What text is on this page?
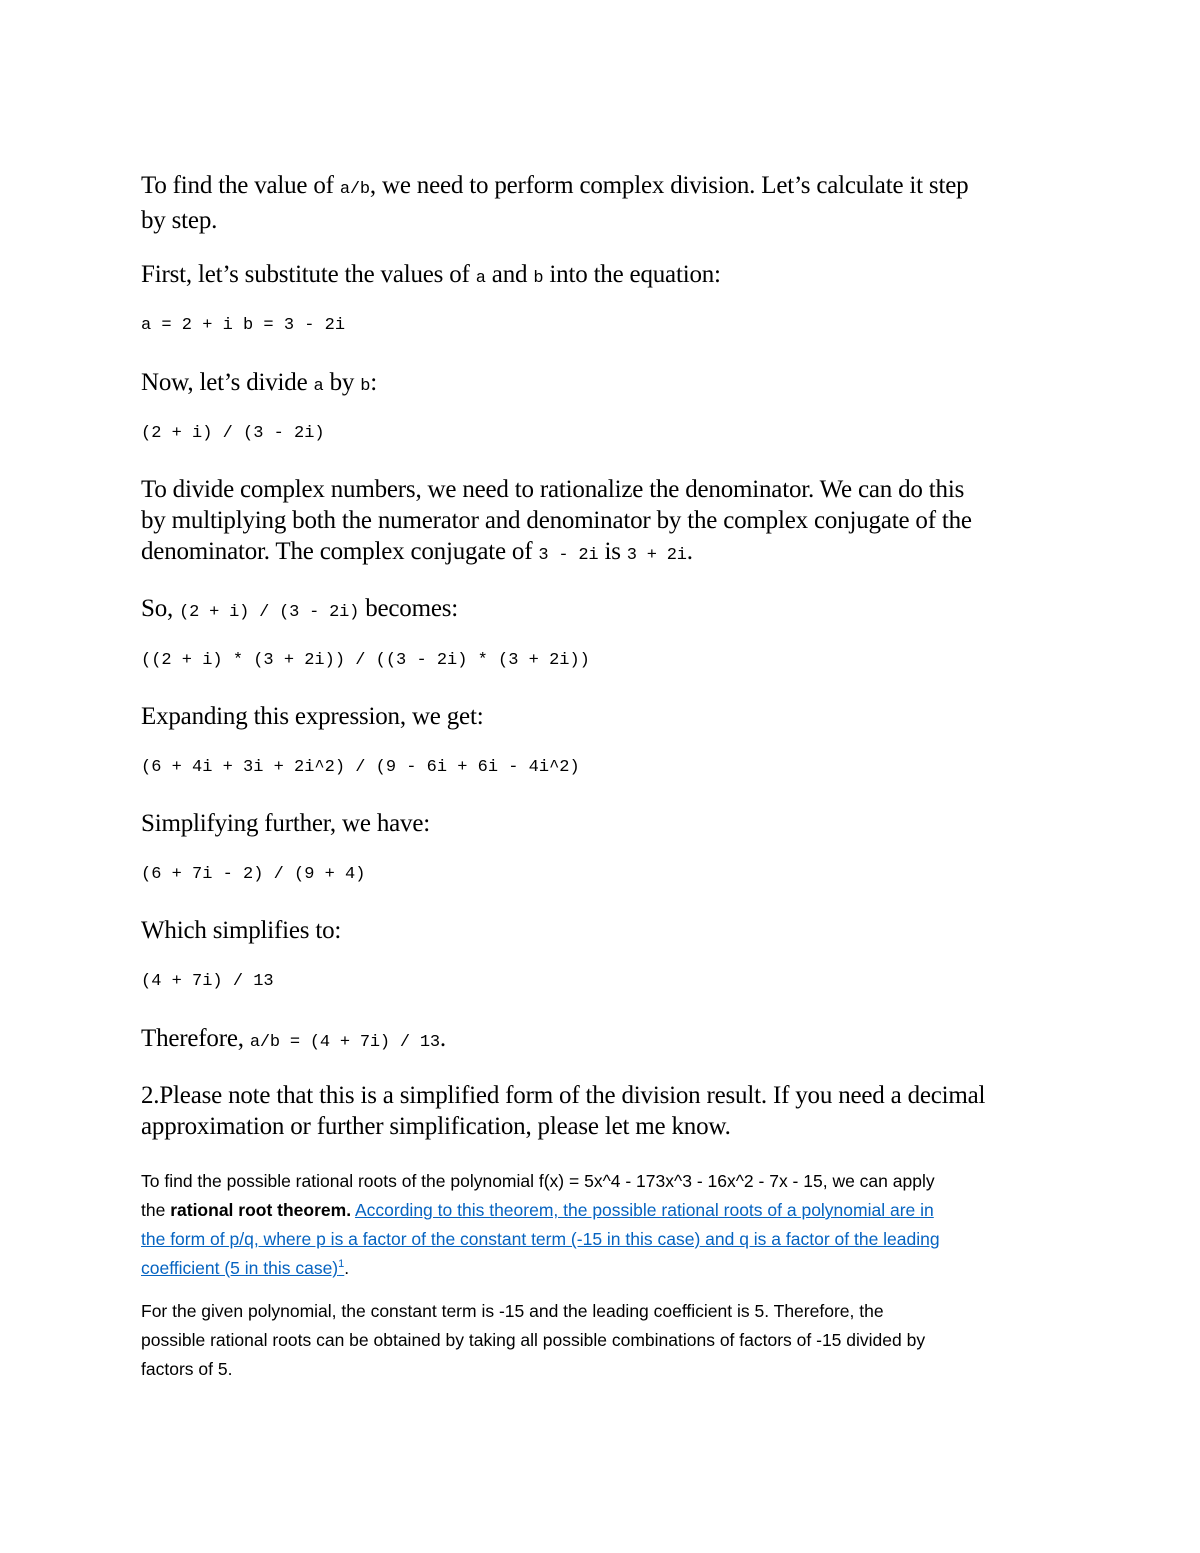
To find the value of a/b, we need to perform complex division. Let’s calculate it step
by step.
First, let’s substitute the values of a and b into the equation:
a = 2 + i b = 3 - 2i
Now, let’s divide a by b:
(2 + i) / (3 - 2i)
To divide complex numbers, we need to rationalize the denominator. We can do this
by multiplying both the numerator and denominator by the complex conjugate of the
denominator. The complex conjugate of 3 - 2i is 3 + 2i.
So, (2 + i) / (3 - 2i) becomes:
((2 + i) * (3 + 2i)) / ((3 - 2i) * (3 + 2i))
Expanding this expression, we get:
(6 + 4i + 3i + 2i^2) / (9 - 6i + 6i - 4i^2)
Simplifying further, we have:
(6 + 7i - 2) / (9 + 4)
Which simplifies to:
(4 + 7i) / 13
Therefore, a/b = (4 + 7i) / 13.
2.Please note that this is a simplified form of the division result. If you need a decimal
approximation or further simplification, please let me know.
To find the possible rational roots of the polynomial f(x) = 5x^4 - 173x^3 - 16x^2 - 7x - 15, we can apply
the rational root theorem. According to this theorem, the possible rational roots of a polynomial are in
the form of p/q, where p is a factor of the constant term (-15 in this case) and q is a factor of the leading
coefficient (5 in this case)$^1$.
For the given polynomial, the constant term is -15 and the leading coefficient is 5. Therefore, the
possible rational roots can be obtained by taking all possible combinations of factors of -15 divided by
factors of 5.
